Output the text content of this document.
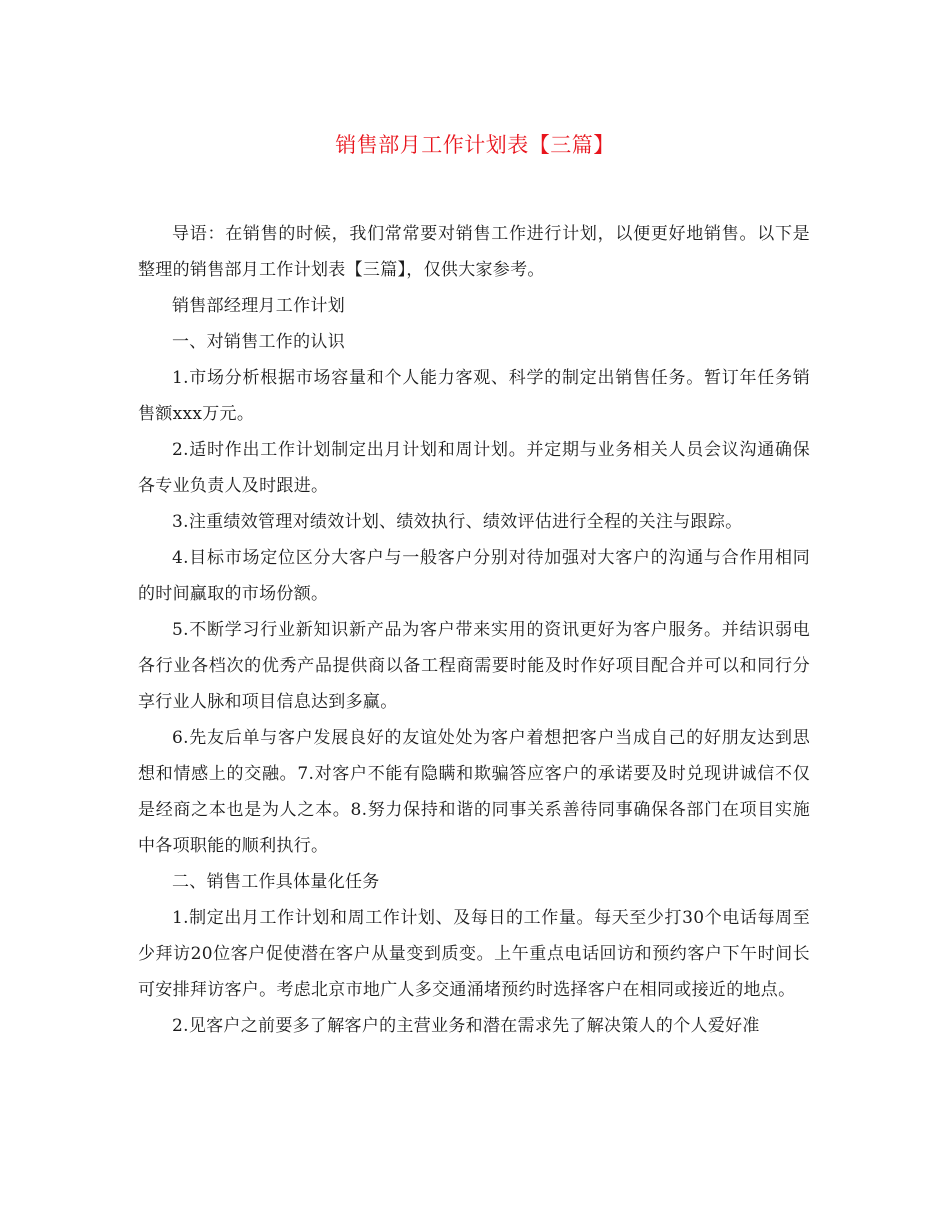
销售部月工作计划表【三篇】

导语：在销售的时候，我们常常要对销售工作进行计划，以便更好地销售。以下是整理的销售部月工作计划表【三篇】，仅供大家参考。

销售部经理月工作计划

一、对销售工作的认识

1.市场分析根据市场容量和个人能力客观、科学的制定出销售任务。暂订年任务销售额xxx万元。

2.适时作出工作计划制定出月计划和周计划。并定期与业务相关人员会议沟通确保各专业负责人及时跟进。

3.注重绩效管理对绩效计划、绩效执行、绩效评估进行全程的关注与跟踪。

4.目标市场定位区分大客户与一般客户分别对待加强对大客户的沟通与合作用相同的时间赢取的市场份额。

5.不断学习行业新知识新产品为客户带来实用的资讯更好为客户服务。并结识弱电各行业各档次的优秀产品提供商以备工程商需要时能及时作好项目配合并可以和同行分享行业人脉和项目信息达到多赢。

6.先友后单与客户发展良好的友谊处处为客户着想把客户当成自己的好朋友达到思想和情感上的交融。7.对客户不能有隐瞒和欺骗答应客户的承诺要及时兑现讲诚信不仅是经商之本也是为人之本。8.努力保持和谐的同事关系善待同事确保各部门在项目实施中各项职能的顺利执行。

二、销售工作具体量化任务

1.制定出月工作计划和周工作计划、及每日的工作量。每天至少打30个电话每周至少拜访20位客户促使潜在客户从量变到质变。上午重点电话回访和预约客户下午时间长可安排拜访客户。考虑北京市地广人多交通涌堵预约时选择客户在相同或接近的地点。

2.见客户之前要多了解客户的主营业务和潜在需求先了解决策人的个人爱好准
